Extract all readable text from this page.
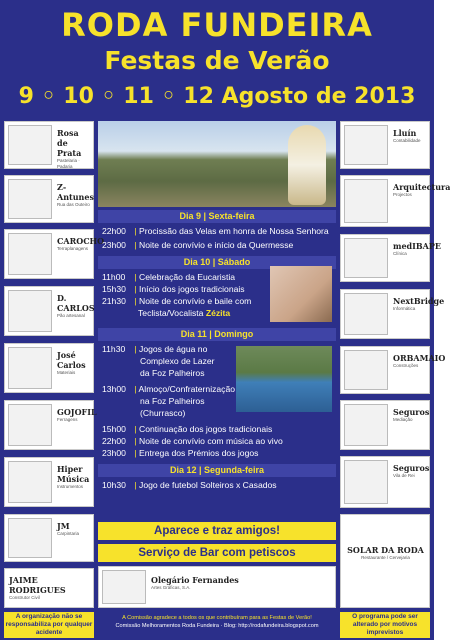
RODA FUNDEIRA
Festas de Verão
9 ◦ 10 ◦ 11 ◦ 12 Agosto de 2013
Rosa de Prata
Pastelaria · Padaria
Z-Antunes
Rua das Outeiro
CAROCHO
Terraplanagens
D. CARLOS
Pão artesanal
José Carlos
Materiais
GOJOFIL
Ferragens
Hiper Música
Instrumentos
JM
Carpintaria
JAIME RODRIGUES
Construtor Civil
Lluín
Contabilidade
Arquitectura
Projectos
medIBAPE
Clínica
NextBridge
Informática
ORBAMAIO
Construções
Seguros
Mediação
Seguros
Vila de Rei
SOLAR DA RODA
Restaurante / Cervejaria
Dia 9 | Sexta-feira
22h00 | Procissão das Velas em honra de Nossa Senhora
23h00 | Noite de convívio e início da Quermesse
Dia 10 | Sábado
11h00 | Celebração da Eucaristia
15h30 | Início dos jogos tradicionais
21h30 | Noite de convívio e baile com
Teclista/Vocalista Zézita
Dia 11 | Domingo
11h30 | Jogos de água no
Complexo de Lazer
da Foz Palheiros
13h00 | Almoço/Confraternização
na Foz Palheiros
(Churrasco)
15h00 | Continuação dos jogos tradicionais
22h00 | Noite de convívio com música ao vivo
23h00 | Entrega dos Prémios dos jogos
Dia 12 | Segunda-feira
10h30 | Jogo de futebol Solteiros x Casados
Aparece e traz amigos!
Serviço de Bar com petiscos
Olegário Fernandes
Artes Gráficas, S.A.
A organização não se responsabiliza por qualquer acidente
A Comissão agradece a todos os que contribuíram para as Festas de Verão!
Comissão Melhoramentos Roda Fundeira · Blog: http://rodafundeira.blogspot.com
O programa pode ser alterado por motivos imprevistos
